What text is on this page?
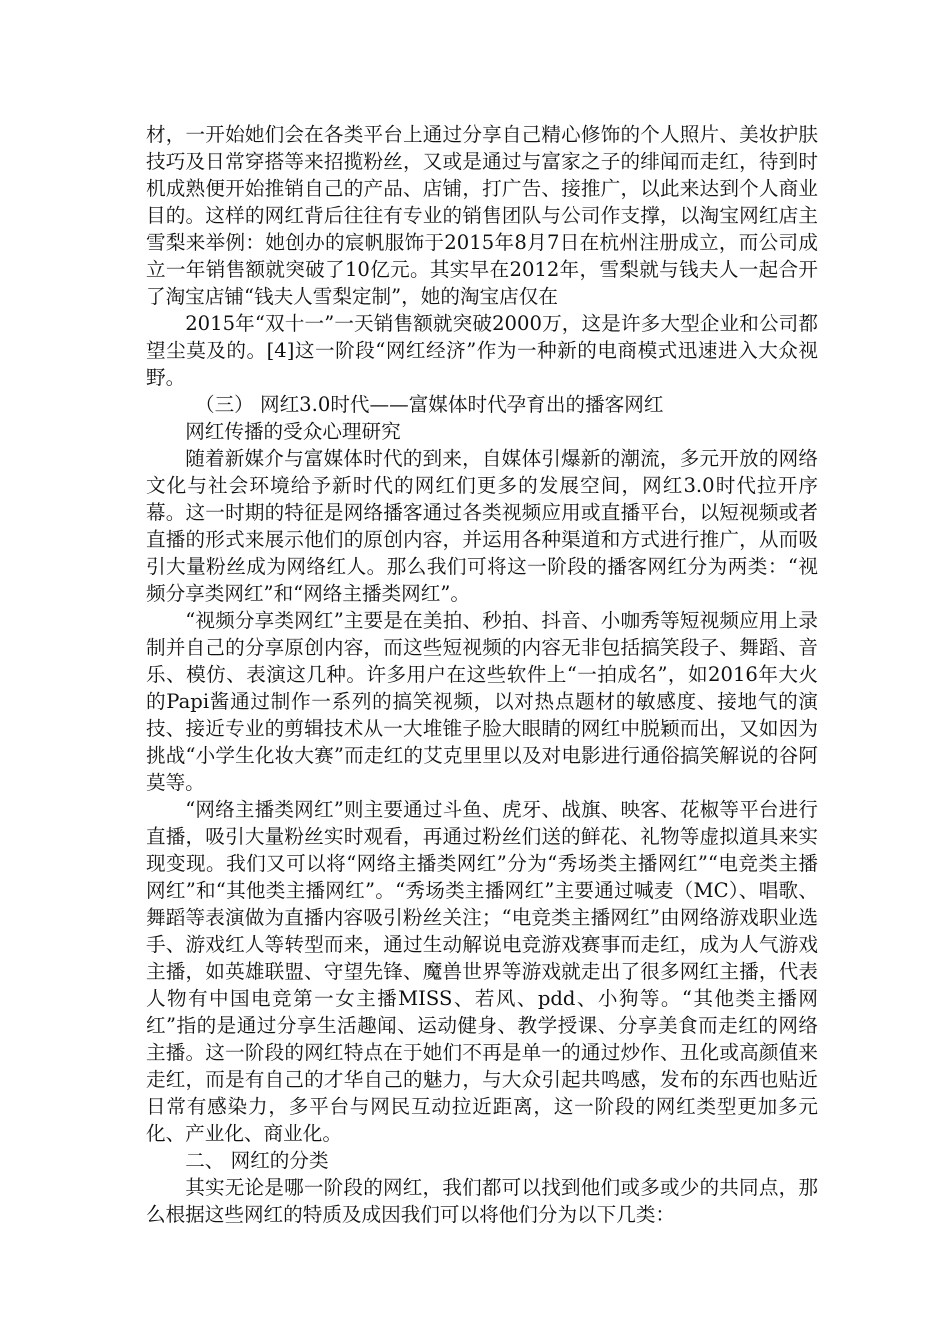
材，一开始她们会在各类平台上通过分享自己精心修饰的个人照片、美妆护肤技巧及日常穿搭等来招揽粉丝，又或是通过与富家之子的绯闻而走红，待到时机成熟便开始推销自己的产品、店铺，打广告、接推广，以此来达到个人商业目的。这样的网红背后往往有专业的销售团队与公司作支撑，以淘宝网红店主雪梨来举例：她创办的宸帆服饰于2015年8月7日在杭州注册成立，而公司成立一年销售额就突破了10亿元。其实早在2012年，雪梨就与钱夫人一起合开了淘宝店铺“钱夫人雪梨定制”，她的淘宝店仅在

2015年“双十一”一天销售额就突破2000万，这是许多大型企业和公司都望尘莫及的。[4]这一阶段“网红经济”作为一种新的电商模式迅速进入大众视野。

（三） 网红3.0时代——富媒体时代孕育出的播客网红

网红传播的受众心理研究

随着新媒介与富媒体时代的到来，自媒体引爆新的潮流，多元开放的网络文化与社会环境给予新时代的网红们更多的发展空间，网红3.0时代拉开序幕。这一时期的特征是网络播客通过各类视频应用或直播平台，以短视频或者直播的形式来展示他们的原创内容，并运用各种渠道和方式进行推广，从而吸引大量粉丝成为网络红人。那么我们可将这一阶段的播客网红分为两类：“视频分享类网红”和“网络主播类网红”。

“视频分享类网红”主要是在美拍、秒拍、抖音、小咖秀等短视频应用上录制并自己的分享原创内容，而这些短视频的内容无非包括搞笑段子、舞蹈、音乐、模仿、表演这几种。许多用户在这些软件上“一拍成名”，如2016年大火的Papi酱通过制作一系列的搞笑视频，以对热点题材的敏感度、接地气的演技、接近专业的剪辑技术从一大堆锥子脸大眼睛的网红中脱颖而出，又如因为挑战“小学生化妆大赛”而走红的艾克里里以及对电影进行通俗搞笑解说的谷阿莫等。

“网络主播类网红”则主要通过斗鱼、虎牙、战旗、映客、花椒等平台进行直播，吸引大量粉丝实时观看，再通过粉丝们送的鲜花、礼物等虚拟道具来实现变现。我们又可以将“网络主播类网红”分为“秀场类主播网红”“电竞类主播网红”和“其他类主播网红”。“秀场类主播网红”主要通过喊麦（MC）、唱歌、舞蹈等表演做为直播内容吸引粉丝关注；“电竞类主播网红”由网络游戏职业选手、游戏红人等转型而来，通过生动解说电竞游戏赛事而走红，成为人气游戏主播，如英雄联盟、守望先锋、魔兽世界等游戏就走出了很多网红主播，代表人物有中国电竞第一女主播MISS、若风、pdd、小狗等。“其他类主播网红”指的是通过分享生活趣闻、运动健身、教学授课、分享美食而走红的网络主播。这一阶段的网红特点在于她们不再是单一的通过炒作、丑化或高颜值来走红，而是有自己的才华自己的魅力，与大众引起共鸣感，发布的东西也贴近日常有感染力，多平台与网民互动拉近距离，这一阶段的网红类型更加多元化、产业化、商业化。

二、 网红的分类

其实无论是哪一阶段的网红，我们都可以找到他们或多或少的共同点，那么根据这些网红的特质及成因我们可以将他们分为以下几类：
